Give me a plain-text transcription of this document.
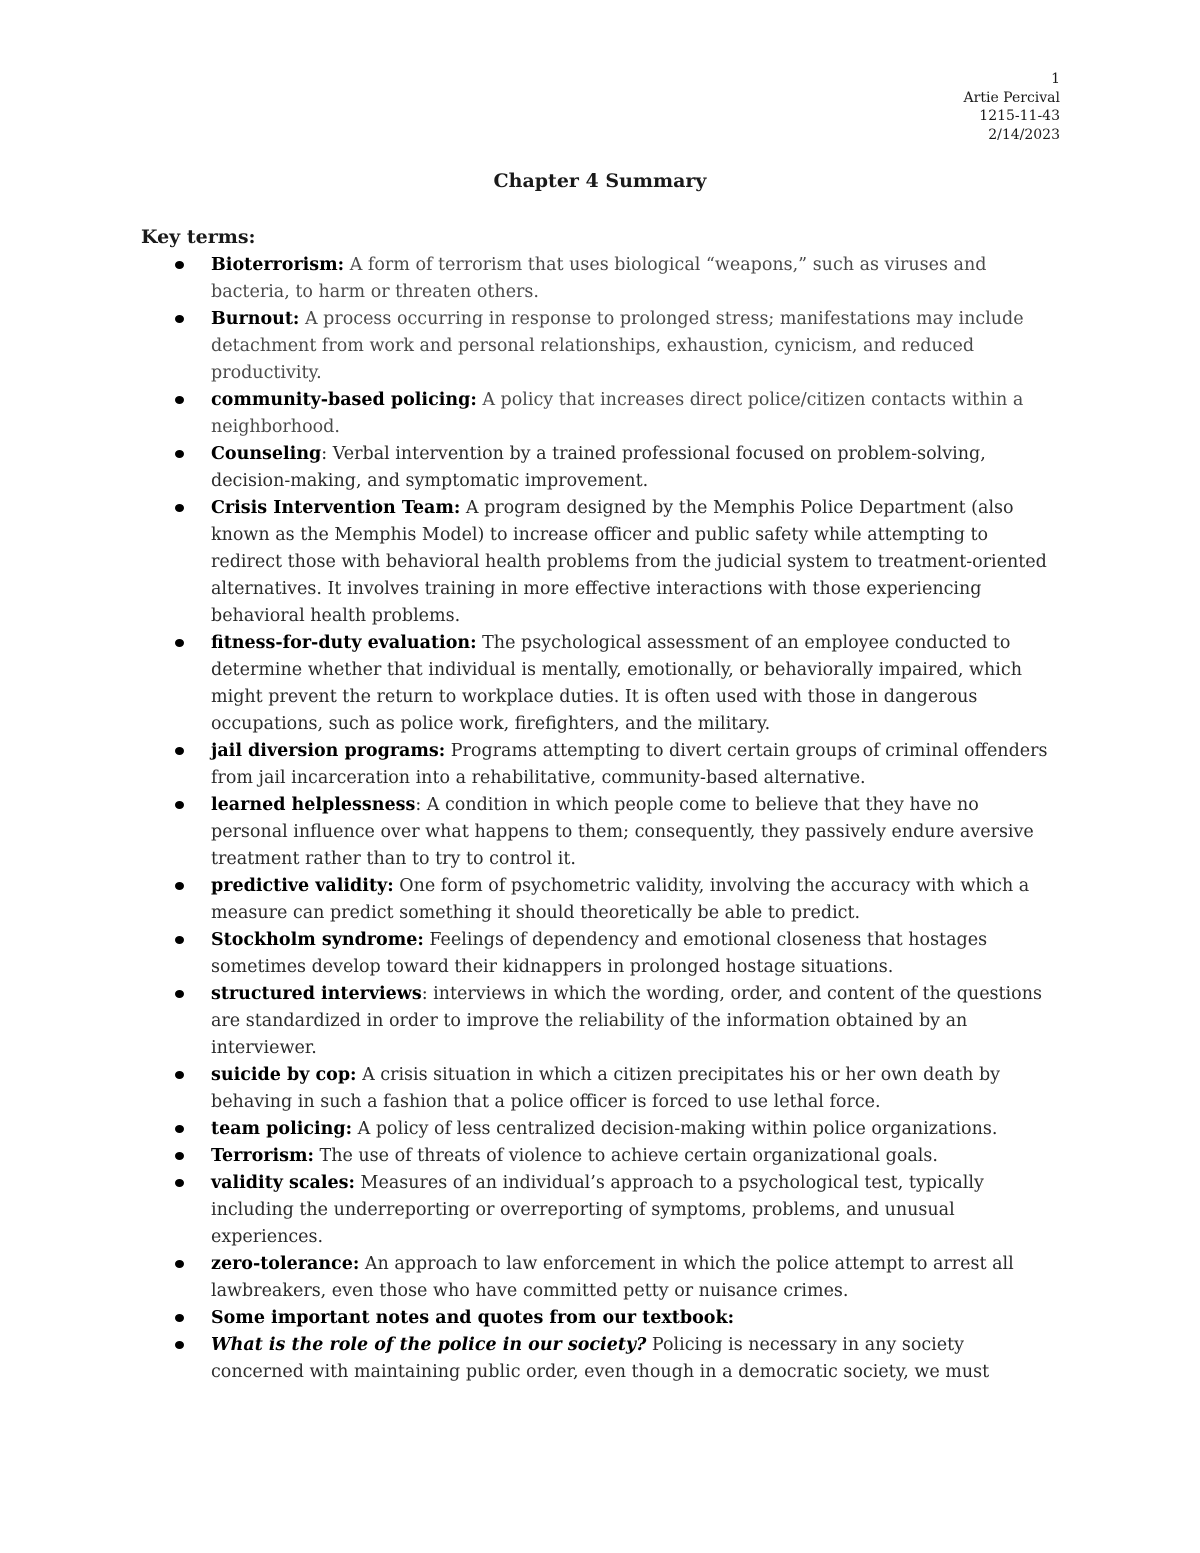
1
Artie Percival
1215-11-43
2/14/2023
Chapter 4 Summary
Key terms:
Bioterrorism: A form of terrorism that uses biological “weapons,” such as viruses and bacteria, to harm or threaten others.
Burnout: A process occurring in response to prolonged stress; manifestations may include detachment from work and personal relationships, exhaustion, cynicism, and reduced productivity.
community-based policing: A policy that increases direct police/citizen contacts within a neighborhood.
Counseling: Verbal intervention by a trained professional focused on problem-solving, decision-making, and symptomatic improvement.
Crisis Intervention Team: A program designed by the Memphis Police Department (also known as the Memphis Model) to increase officer and public safety while attempting to redirect those with behavioral health problems from the judicial system to treatment-oriented alternatives. It involves training in more effective interactions with those experiencing behavioral health problems.
fitness-for-duty evaluation: The psychological assessment of an employee conducted to determine whether that individual is mentally, emotionally, or behaviorally impaired, which might prevent the return to workplace duties. It is often used with those in dangerous occupations, such as police work, firefighters, and the military.
jail diversion programs: Programs attempting to divert certain groups of criminal offenders from jail incarceration into a rehabilitative, community-based alternative.
learned helplessness: A condition in which people come to believe that they have no personal influence over what happens to them; consequently, they passively endure aversive treatment rather than to try to control it.
predictive validity: One form of psychometric validity, involving the accuracy with which a measure can predict something it should theoretically be able to predict.
Stockholm syndrome: Feelings of dependency and emotional closeness that hostages sometimes develop toward their kidnappers in prolonged hostage situations.
structured interviews: interviews in which the wording, order, and content of the questions are standardized in order to improve the reliability of the information obtained by an interviewer.
suicide by cop: A crisis situation in which a citizen precipitates his or her own death by behaving in such a fashion that a police officer is forced to use lethal force.
team policing: A policy of less centralized decision-making within police organizations.
Terrorism: The use of threats of violence to achieve certain organizational goals.
validity scales: Measures of an individual’s approach to a psychological test, typically including the underreporting or overreporting of symptoms, problems, and unusual experiences.
zero-tolerance: An approach to law enforcement in which the police attempt to arrest all lawbreakers, even those who have committed petty or nuisance crimes.
Some important notes and quotes from our textbook:
What is the role of the police in our society? Policing is necessary in any society concerned with maintaining public order, even though in a democratic society, we must
